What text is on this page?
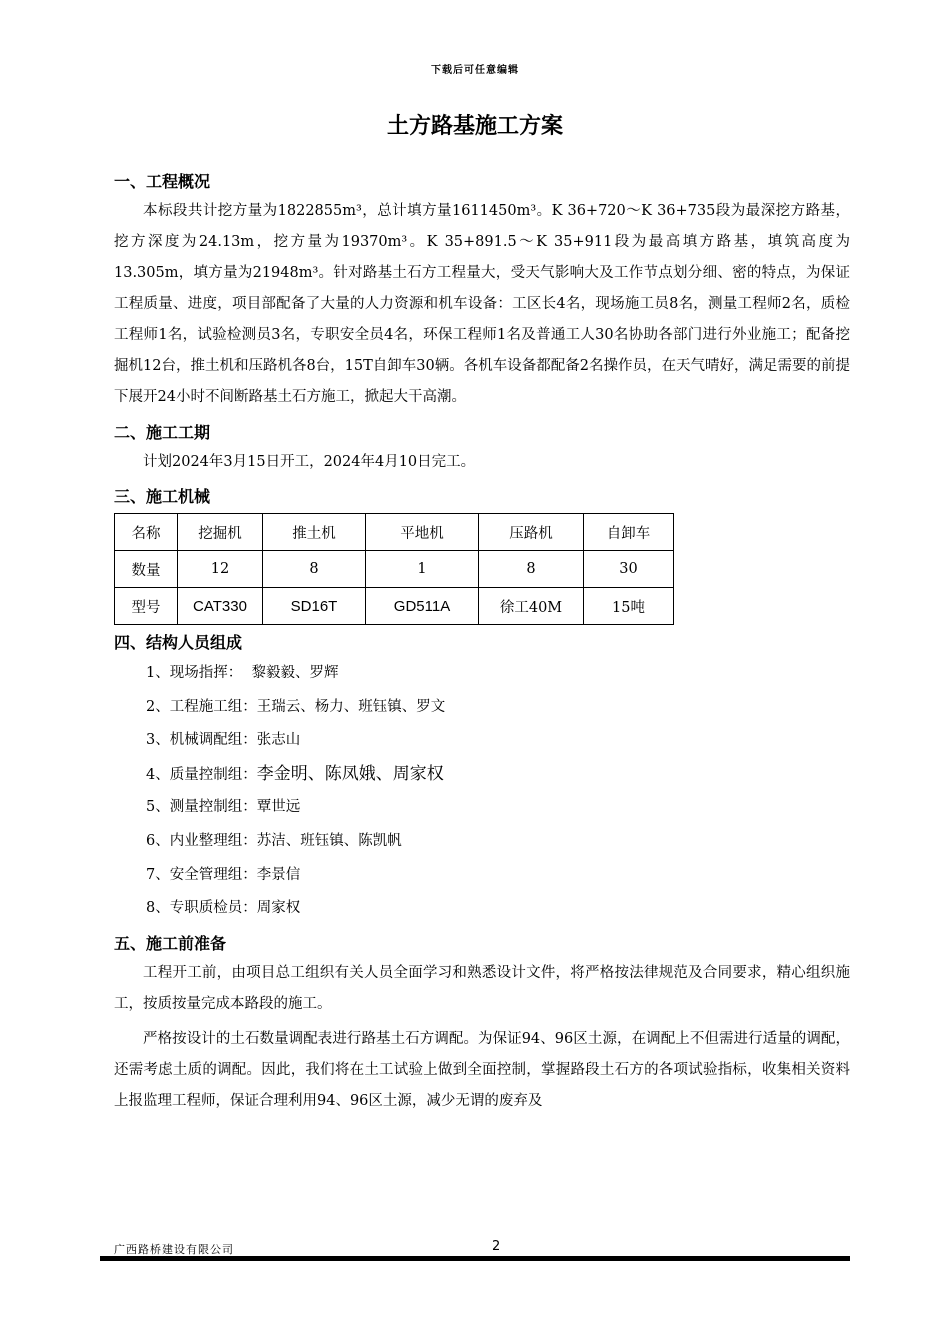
下载后可任意编辑
土方路基施工方案
一、工程概况

本标段共计挖方量为1822855m³，总计填方量1611450m³。K 36+720～K 36+735段为最深挖方路基，挖方深度为24.13m，挖方量为19370m³。K 35+891.5～K 35+911段为最高填方路基，填筑高度为13.305m，填方量为21948m³。针对路基土石方工程量大，受天气影响大及工作节点划分细、密的特点，为保证工程质量、进度，项目部配备了大量的人力资源和机车设备：工区长4名，现场施工员8名，测量工程师2名，质检工程师1名，试验检测员3名，专职安全员4名，环保工程师1名及普通工人30名协助各部门进行外业施工；配备挖掘机12台，推土机和压路机各8台，15T自卸车30辆。各机车设备都配备2名操作员，在天气晴好，满足需要的前提下展开24小时不间断路基土石方施工，掀起大干高潮。

二、施工工期

计划2024年3月15日开工，2024年4月10日完工。

三、施工机械
名称	挖掘机	推土机	平地机	压路机	自卸车
数量	12	8	1	8	30
型号	CAT330	SD16T	GD511A	徐工40M	15吨
四、结构人员组成
1、现场指挥：  黎毅毅、罗辉
2、工程施工组：王瑞云、杨力、班钰镇、罗文
3、机械调配组：张志山
4、质量控制组：李金明、陈凤娥、周家权
5、测量控制组：覃世远
6、内业整理组：苏洁、班钰镇、陈凯帆
7、安全管理组：李景信
8、专职质检员：周家权
五、施工前准备

工程开工前，由项目总工组织有关人员全面学习和熟悉设计文件，将严格按法律规范及合同要求，精心组织施工，按质按量完成本路段的施工。

严格按设计的土石数量调配表进行路基土石方调配。为保证94、96区土源，在调配上不但需进行适量的调配，还需考虑土质的调配。因此，我们将在土工试验上做到全面控制，掌握路段土石方的各项试验指标，收集相关资料上报监理工程师，保证合理利用94、96区土源，减少无谓的废弃及

广西路桥建设有限公司	2
